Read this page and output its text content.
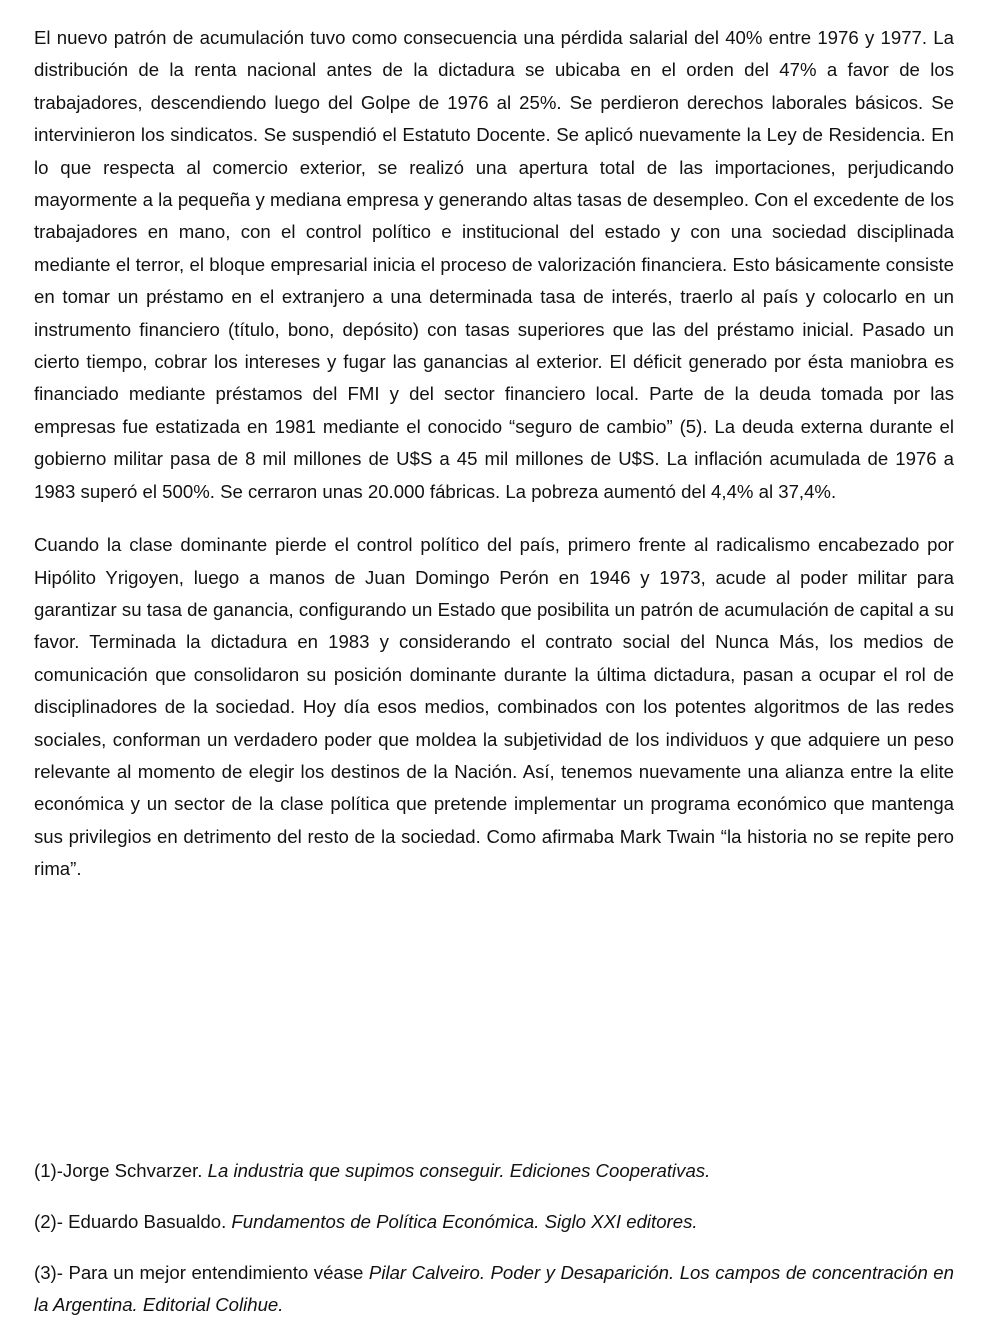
El nuevo patrón de acumulación tuvo como consecuencia una pérdida salarial del 40% entre 1976 y 1977. La distribución de la renta nacional antes de la dictadura se ubicaba en el orden del 47% a favor de los trabajadores, descendiendo luego del Golpe de 1976 al 25%. Se perdieron derechos laborales básicos. Se intervinieron los sindicatos. Se suspendió el Estatuto Docente. Se aplicó nuevamente la Ley de Residencia. En lo que respecta al comercio exterior, se realizó una apertura total de las importaciones, perjudicando mayormente a la pequeña y mediana empresa y generando altas tasas de desempleo. Con el excedente de los trabajadores en mano, con el control político e institucional del estado y con una sociedad disciplinada mediante el terror, el bloque empresarial inicia el proceso de valorización financiera. Esto básicamente consiste en tomar un préstamo en el extranjero a una determinada tasa de interés, traerlo al país y colocarlo en un instrumento financiero (título, bono, depósito) con tasas superiores que las del préstamo inicial. Pasado un cierto tiempo, cobrar los intereses y fugar las ganancias al exterior. El déficit generado por ésta maniobra es financiado mediante préstamos del FMI y del sector financiero local. Parte de la deuda tomada por las empresas fue estatizada en 1981 mediante el conocido “seguro de cambio” (5). La deuda externa durante el gobierno militar pasa de 8 mil millones de U$S a 45 mil millones de U$S. La inflación acumulada de 1976 a 1983 superó el 500%. Se cerraron unas 20.000 fábricas. La pobreza aumentó del 4,4% al 37,4%.

Cuando la clase dominante pierde el control político del país, primero frente al radicalismo encabezado por Hipólito Yrigoyen, luego a manos de Juan Domingo Perón en 1946 y 1973, acude al poder militar para garantizar su tasa de ganancia, configurando un Estado que posibilita un patrón de acumulación de capital a su favor. Terminada la dictadura en 1983 y considerando el contrato social del Nunca Más, los medios de comunicación que consolidaron su posición dominante durante la última dictadura, pasan a ocupar el rol de disciplinadores de la sociedad. Hoy día esos medios, combinados con los potentes algoritmos de las redes sociales, conforman un verdadero poder que moldea la subjetividad de los individuos y que adquiere un peso relevante al momento de elegir los destinos de la Nación. Así, tenemos nuevamente una alianza entre la elite económica y un sector de la clase política que pretende implementar un programa económico que mantenga sus privilegios en detrimento del resto de la sociedad. Como afirmaba Mark Twain “la historia no se repite pero rima”.

(1)-Jorge Schvarzer. La industria que supimos conseguir. Ediciones Cooperativas.

(2)- Eduardo Basualdo. Fundamentos de Política Económica. Siglo XXI editores.

(3)- Para un mejor entendimiento véase Pilar Calveiro. Poder y Desaparición. Los campos de concentración en la Argentina. Editorial Colihue.
